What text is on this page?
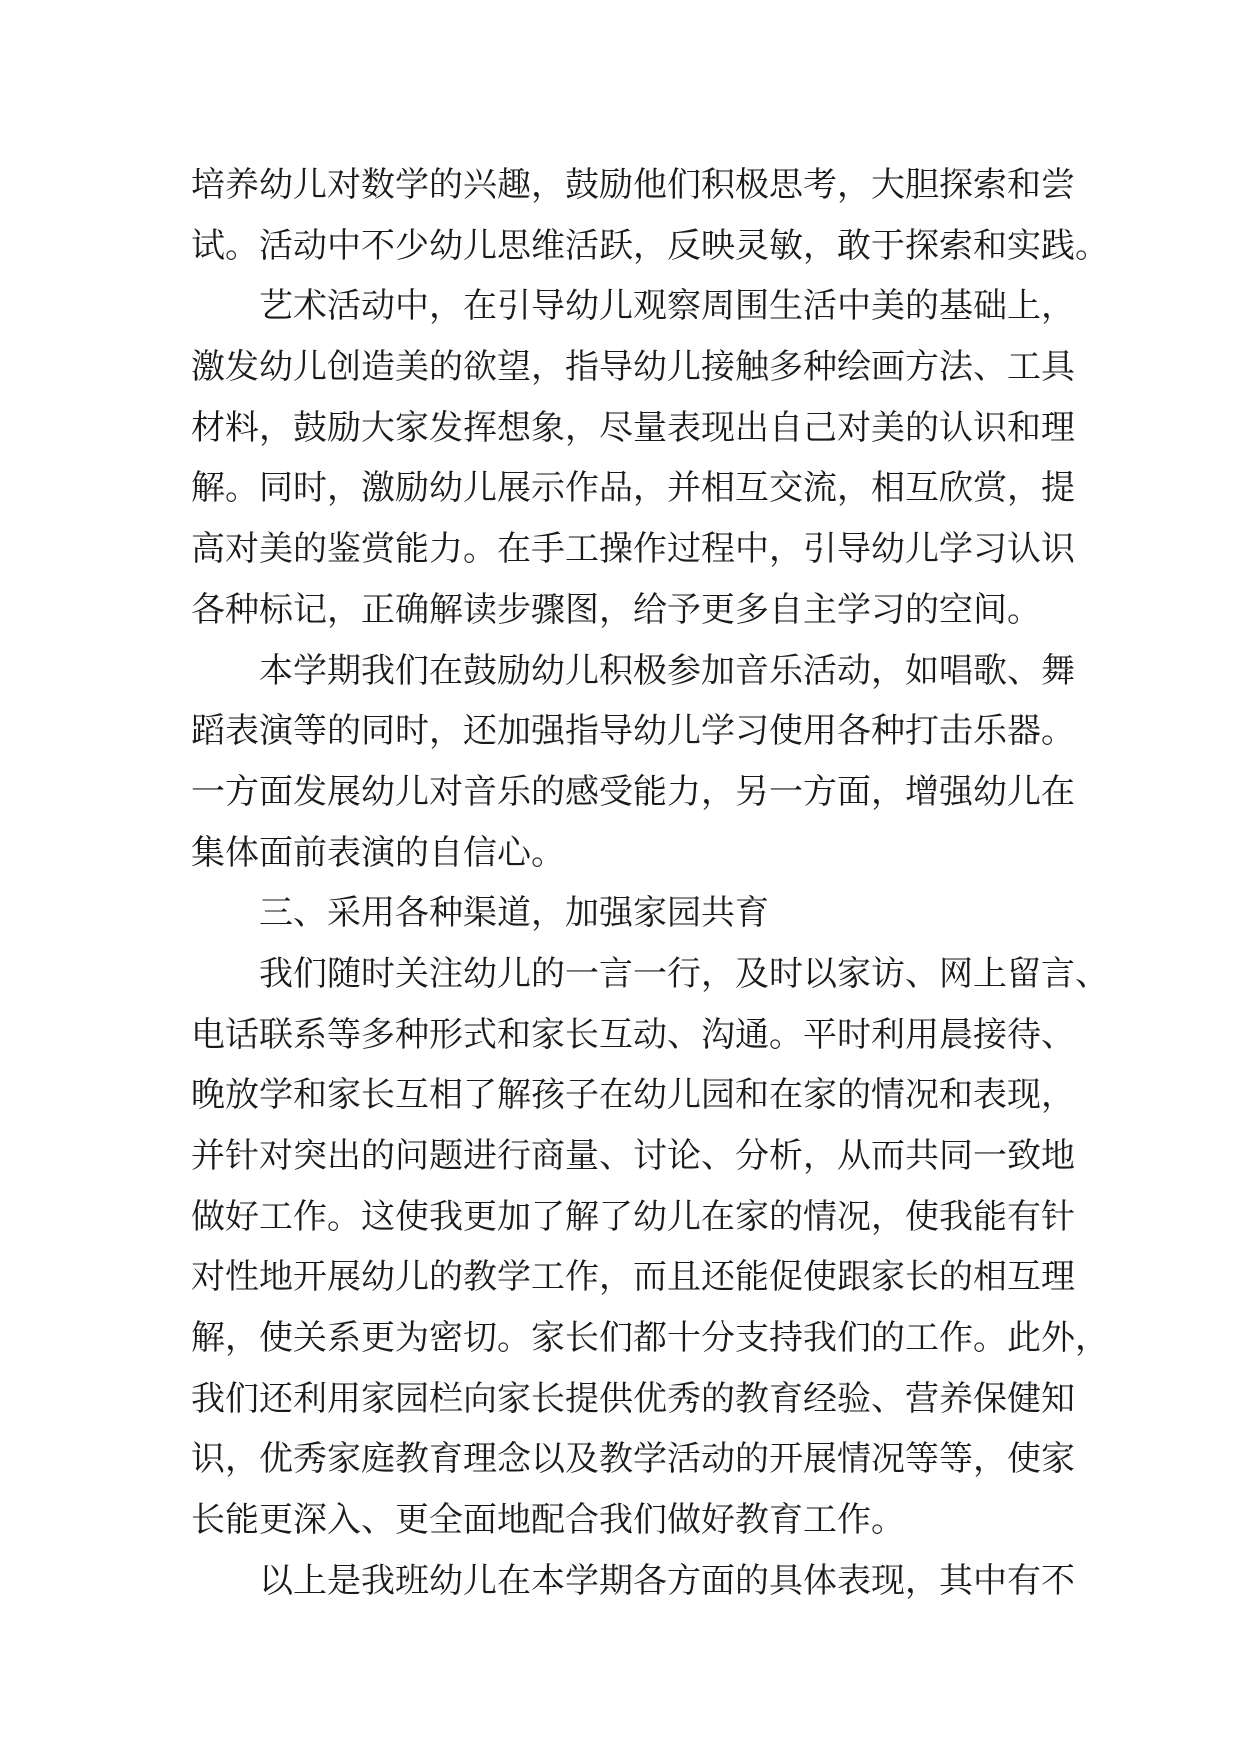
培养幼儿对数学的兴趣，鼓励他们积极思考，大胆探索和尝
试。活动中不少幼儿思维活跃，反映灵敏，敢于探索和实践。
艺术活动中，在引导幼儿观察周围生活中美的基础上，
激发幼儿创造美的欲望，指导幼儿接触多种绘画方法、工具
材料，鼓励大家发挥想象，尽量表现出自己对美的认识和理
解。同时，激励幼儿展示作品，并相互交流，相互欣赏，提
高对美的鉴赏能力。在手工操作过程中，引导幼儿学习认识
各种标记，正确解读步骤图，给予更多自主学习的空间。
本学期我们在鼓励幼儿积极参加音乐活动，如唱歌、舞
蹈表演等的同时，还加强指导幼儿学习使用各种打击乐器。
一方面发展幼儿对音乐的感受能力，另一方面，增强幼儿在
集体面前表演的自信心。
三、采用各种渠道，加强家园共育
我们随时关注幼儿的一言一行，及时以家访、网上留言、
电话联系等多种形式和家长互动、沟通。平时利用晨接待、
晚放学和家长互相了解孩子在幼儿园和在家的情况和表现，
并针对突出的问题进行商量、讨论、分析，从而共同一致地
做好工作。这使我更加了解了幼儿在家的情况，使我能有针
对性地开展幼儿的教学工作，而且还能促使跟家长的相互理
解，使关系更为密切。家长们都十分支持我们的工作。此外，
我们还利用家园栏向家长提供优秀的教育经验、营养保健知
识，优秀家庭教育理念以及教学活动的开展情况等等，使家
长能更深入、更全面地配合我们做好教育工作。
以上是我班幼儿在本学期各方面的具体表现，其中有不
